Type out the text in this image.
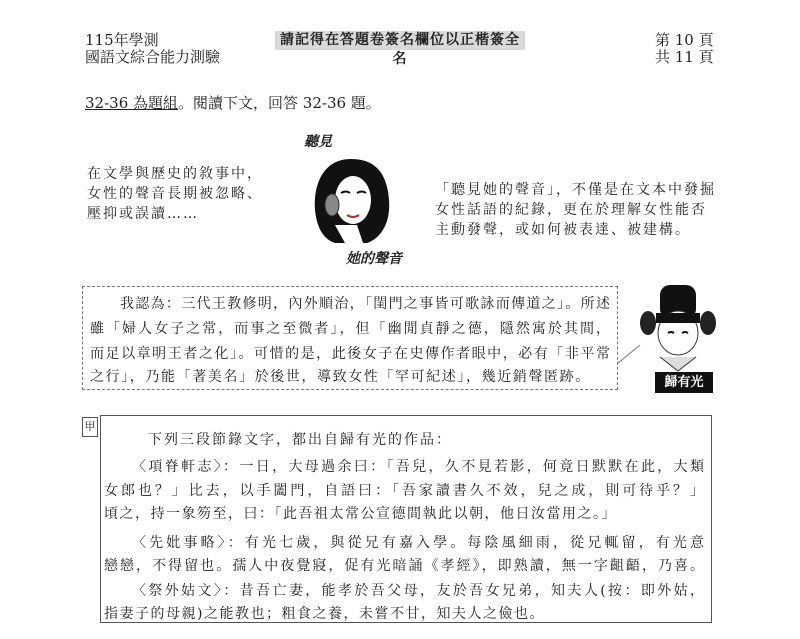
115年學測
國語文綜合能力測驗
請記得在答題卷簽名欄位以正楷簽全名
第 10 頁
共 11 頁
32-36 為題組。閱讀下文，回答 32-36 題。
聽見
她的聲音
在文學與歷史的敘事中，
女性的聲音長期被忽略、
壓抑或誤讀……
「聽見她的聲音」，不僅是在文本中發掘
女性話語的紀錄，更在於理解女性能否
主動發聲，或如何被表達、被建構。
我認為：三代王教修明，內外順治，「閨門之事皆可歌詠而傳道之」。所述
雖「婦人女子之常，而事之至微者」，但「幽閒貞靜之德，隱然寓於其間，
而足以章明王者之化」。可惜的是，此後女子在史傳作者眼中，必有「非平常
之行」，乃能「著美名」於後世，導致女性「罕可紀述」，幾近銷聲匿跡。	歸有光
甲
下列三段節錄文字，都出自歸有光的作品：
〈項脊軒志〉：一日，大母過余曰：「吾兒，久不見若影，何竟日默默在此，大類
女郎也？」比去，以手闔門，自語曰：「吾家讀書久不效，兒之成，則可待乎？」
頃之，持一象笏至，曰：「此吾祖太常公宣德間執此以朝，他日汝當用之。」
〈先妣事略〉：有光七歲，與從兄有嘉入學。每陰風細雨，從兄輒留，有光意
戀戀，不得留也。孺人中夜覺寢，促有光暗誦《孝經》，即熟讀，無一字齟齬，乃喜。
〈祭外姑文〉：昔吾亡妻，能孝於吾父母，友於吾女兄弟，知夫人(按：即外姑，
指妻子的母親)之能教也；粗食之養，未嘗不甘，知夫人之儉也。
